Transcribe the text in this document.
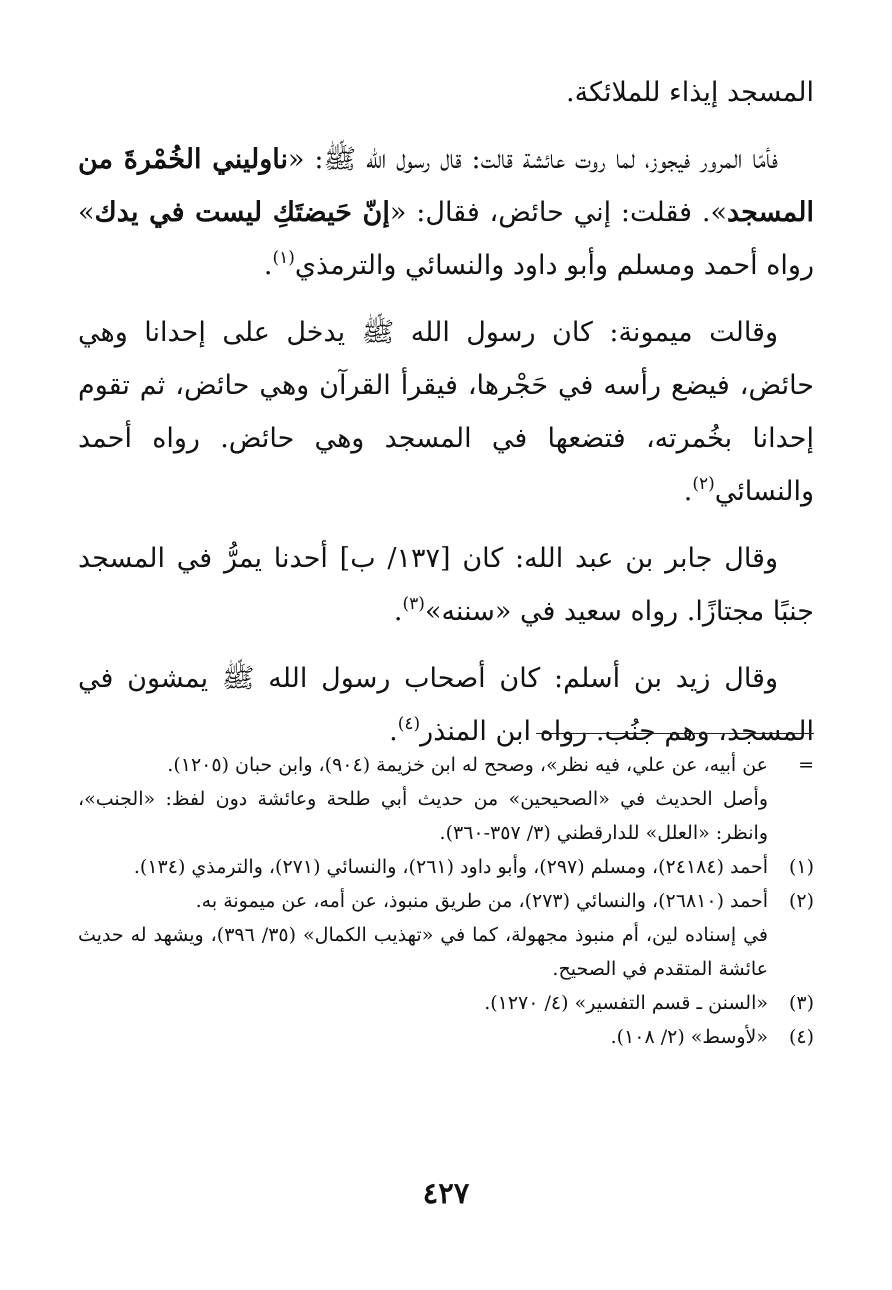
المسجد إيذاء للملائكة.

فأمّا المرور فيجوز، لما روت عائشة قالت: قال رسول الله ﷺ: «ناوليني الخُمْرةَ من المسجد». فقلت: إني حائض، فقال: «إنّ حَيضتَكِ ليست في يدك» رواه أحمد ومسلم وأبو داود والنسائي والترمذي$^{(١)}$.

وقالت ميمونة: كان رسول الله ﷺ يدخل على إحدانا وهي حائض، فيضع رأسه في حَجْرها، فيقرأ القرآن وهي حائض، ثم تقوم إحدانا بخُمرته، فتضعها في المسجد وهي حائض. رواه أحمد والنسائي$^{(٢)}$.

وقال جابر بن عبد الله: كان [١٣٧/ ب] أحدنا يمرُّ في المسجد جنبًا مجتازًا. رواه سعيد في «سننه»$^{(٣)}$.

وقال زيد بن أسلم: كان أصحاب رسول الله ﷺ يمشون في المسجد، وهم جنُب. رواه ابن المنذر$^{(٤)}$.

=
عن أبيه، عن علي، فيه نظر»، وصحح له ابن خزيمة (٩٠٤)، وابن حبان (١٢٠٥).
وأصل الحديث في «الصحيحين» من حديث أبي طلحة وعائشة دون لفظ: «الجنب»، وانظر: «العلل» للدارقطني (٣/ ٣٥٧-٣٦٠).
(١)
أحمد (٢٤١٨٤)، ومسلم (٢٩٧)، وأبو داود (٢٦١)، والنسائي (٢٧١)، والترمذي (١٣٤).
(٢)
أحمد (٢٦٨١٠)، والنسائي (٢٧٣)، من طريق منبوذ، عن أمه، عن ميمونة به.
في إسناده لين، أم منبوذ مجهولة، كما في «تهذيب الكمال» (٣٥/ ٣٩٦)، ويشهد له حديث عائشة المتقدم في الصحيح.
(٣)
«السنن ـ قسم التفسير» (٤/ ١٢٧٠).
(٤)
«لأوسط» (٢/ ١٠٨).
٤٢٧
